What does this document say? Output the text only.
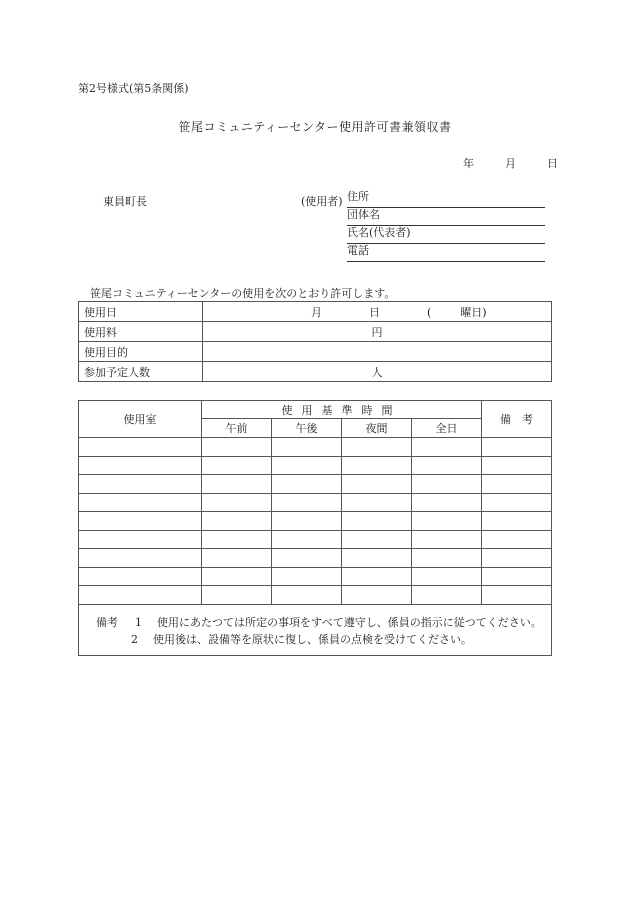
第2号様式(第5条関係)
笹尾コミュニティーセンター使用許可書兼領収書
年	月	日
東員町長	(使用者) 住所
団体名
氏名(代表者)
電話
笹尾コミュニティーセンターの使用を次のとおり許可します。
使用日	月 日 ( 曜日)
使用料	円
使用目的	
参加予定人数	人
使用室	使用基準時間				備　考
	午前	午後	夜間	全日	

備考 1 使用にあたつては所定の事項をすべて遵守し、係員の指示に従つてください。
2 使用後は、設備等を原状に復し、係員の点検を受けてください。
